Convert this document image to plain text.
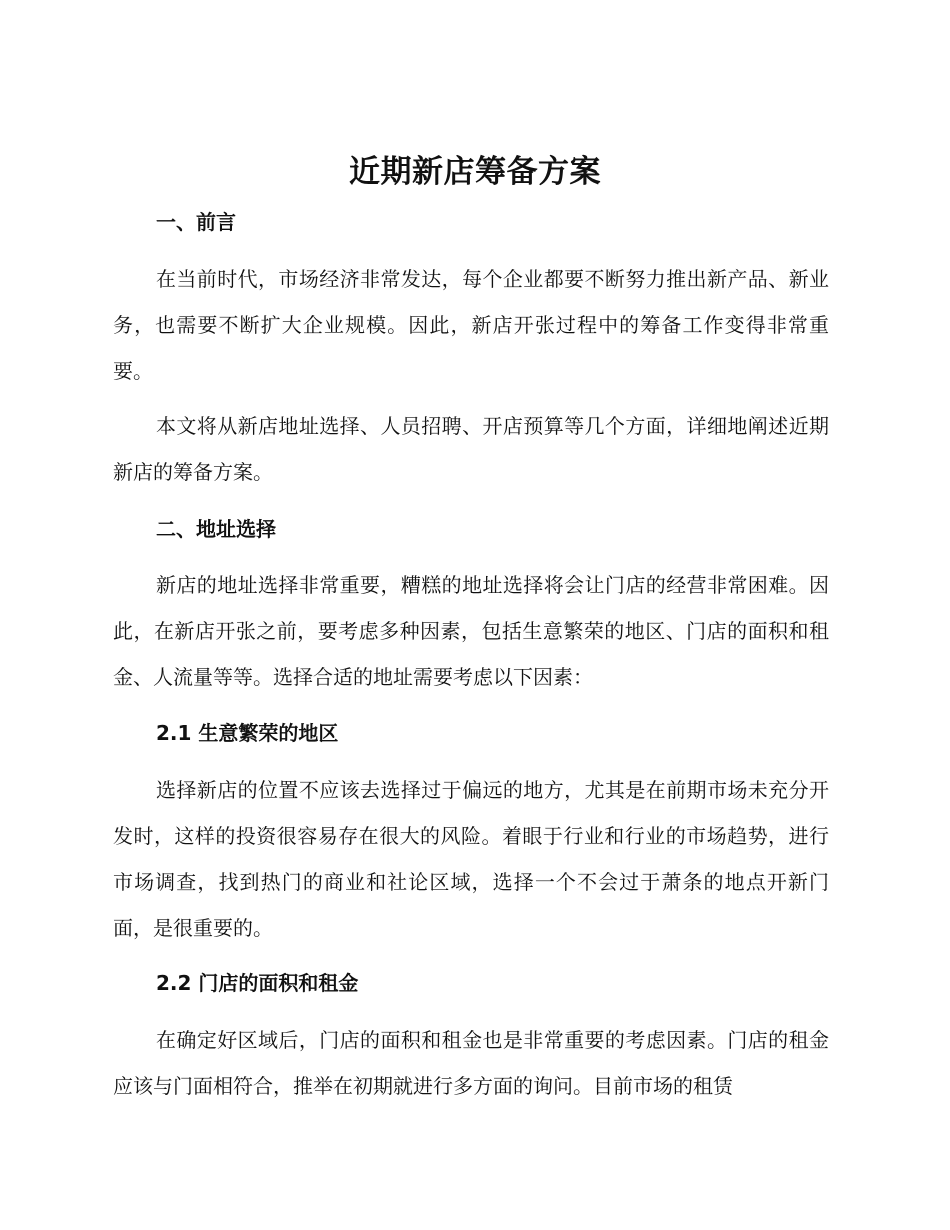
近期新店筹备方案
一、前言

在当前时代，市场经济非常发达，每个企业都要不断努力推出新产品、新业务，也需要不断扩大企业规模。因此，新店开张过程中的筹备工作变得非常重要。

本文将从新店地址选择、人员招聘、开店预算等几个方面，详细地阐述近期新店的筹备方案。

二、地址选择

新店的地址选择非常重要，糟糕的地址选择将会让门店的经营非常困难。因此，在新店开张之前，要考虑多种因素，包括生意繁荣的地区、门店的面积和租金、人流量等等。选择合适的地址需要考虑以下因素：

2.1 生意繁荣的地区

选择新店的位置不应该去选择过于偏远的地方，尤其是在前期市场未充分开发时，这样的投资很容易存在很大的风险。着眼于行业和行业的市场趋势，进行市场调查，找到热门的商业和社论区域，选择一个不会过于萧条的地点开新门面，是很重要的。

2.2 门店的面积和租金

在确定好区域后，门店的面积和租金也是非常重要的考虑因素。门店的租金应该与门面相符合，推举在初期就进行多方面的询问。目前市场的租赁
